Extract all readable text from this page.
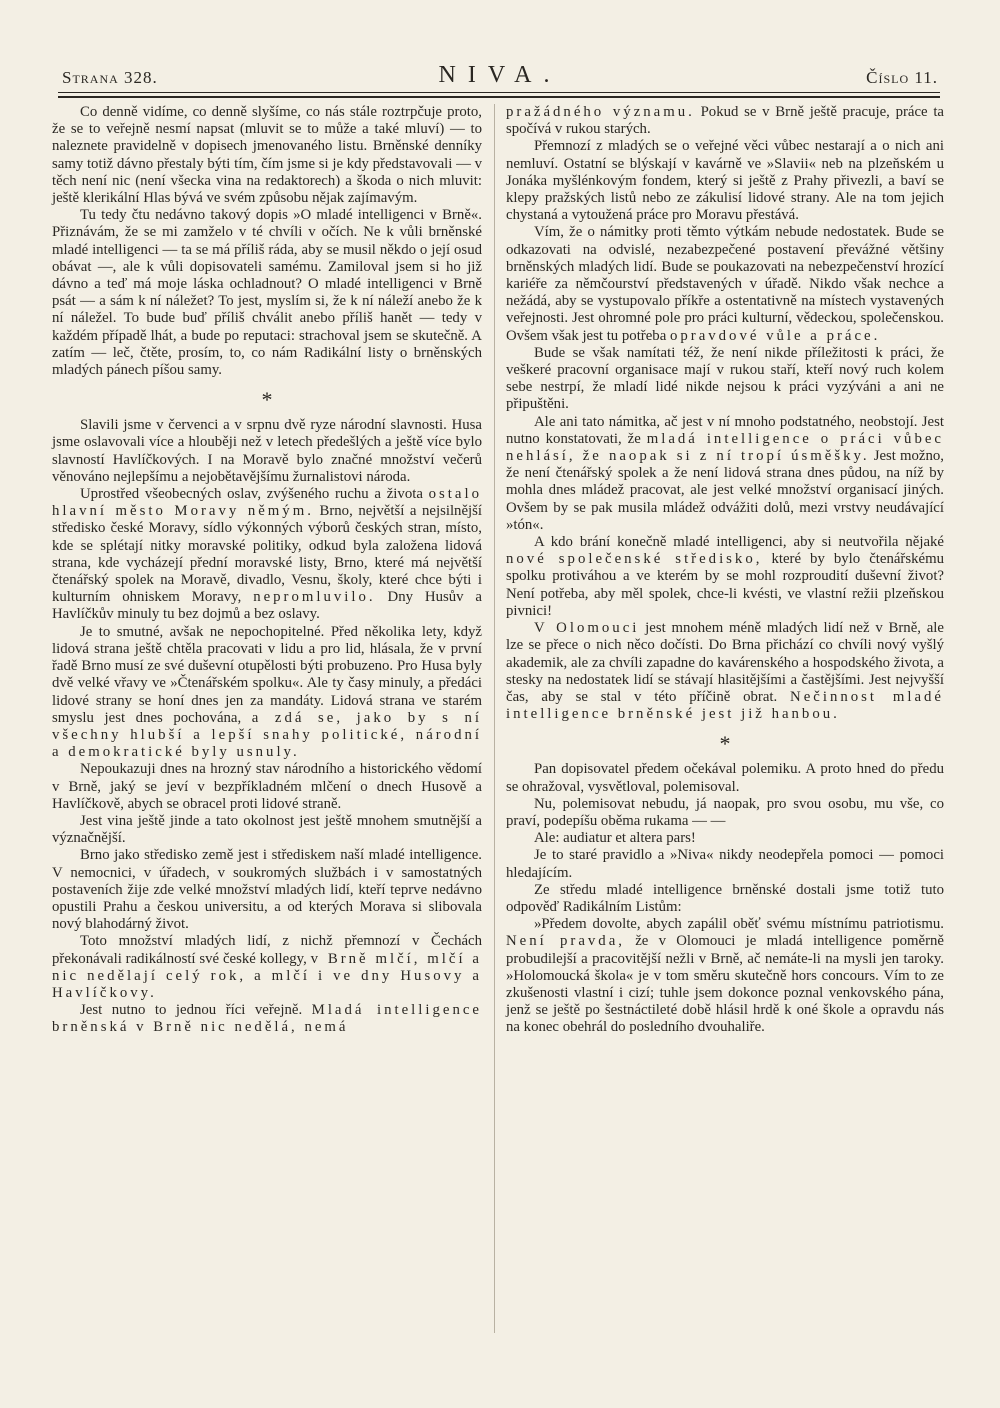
Strana 328.	NIVA.	Číslo 11.

Co denně vidíme, co denně slyšíme, co nás stále roztrpčuje proto, že se to veřejně nesmí napsat (mluvit se to může a také mluví) — to naleznete pravidelně v dopisech jmenovaného listu. Brněnské denníky samy totiž dávno přestaly býti tím, čím jsme si je kdy představovali — v těch není nic (není všecka vina na redaktorech) a škoda o nich mluvit: ještě klerikální Hlas bývá ve svém způsobu nějak zajímavým.

Tu tedy čtu nedávno takový dopis »O mladé intelligenci v Brně«. Přiznávám, že se mi zamželo v té chvíli v očích. Ne k vůli brněnské mladé intelligenci — ta se má příliš ráda, aby se musil někdo o její osud obávat —, ale k vůli dopisovateli samému. Zamiloval jsem si ho již dávno a teď má moje láska ochladnout? O mladé intelligenci v Brně psát — a sám k ní náležet? To jest, myslím si, že k ní náleží anebo že k ní náležel. To bude buď příliš chválit anebo příliš hanět — tedy v každém případě lhát, a bude po reputaci: strachoval jsem se skutečně. A zatím — leč, čtěte, prosím, to, co nám Radikální listy o brněnských mladých pánech píšou samy.

*

Slavili jsme v červenci a v srpnu dvě ryze národní slavnosti. Husa jsme oslavovali více a hlouběji než v letech předešlých a ještě více bylo slavností Havlíčkových. I na Moravě bylo značné množství večerů věnováno nejlepšímu a nejobětavějšímu žurnalistovi národa.

Uprostřed všeobecných oslav, zvýšeného ruchu a života ostalo hlavní město Moravy němým. Brno, největší a nejsilnější středisko české Moravy, sídlo výkonných výborů českých stran, místo, kde se splétají nitky moravské politiky, odkud byla založena lidová strana, kde vycházejí přední moravské listy, Brno, které má největší čtenářský spolek na Moravě, divadlo, Vesnu, školy, které chce býti i kulturním ohniskem Moravy, nepromluvilo. Dny Husův a Havlíčkův minuly tu bez dojmů a bez oslavy.

Je to smutné, avšak ne nepochopitelné. Před několika lety, když lidová strana ještě chtěla pracovati v lidu a pro lid, hlásala, že v první řadě Brno musí ze své duševní otupělosti býti probuzeno. Pro Husa byly dvě velké vřavy ve »Čtenářském spolku«. Ale ty časy minuly, a předáci lidové strany se honí dnes jen za mandáty. Lidová strana ve starém smyslu jest dnes pochována, a zdá se, jako by s ní všechny hlubší a lepší snahy politické, národní a demokratické byly usnuly.

Nepoukazuji dnes na hrozný stav národního a historického vědomí v Brně, jaký se jeví v bezpříkladném mlčení o dnech Husově a Havlíčkově, abych se obracel proti lidové straně.

Jest vina ještě jinde a tato okolnost jest ještě mnohem smutnější a význačnější.

Brno jako středisko země jest i střediskem naší mladé intelligence. V nemocnici, v úřadech, v soukromých službách i v samostatných postaveních žije zde velké množství mladých lidí, kteří teprve nedávno opustili Prahu a českou universitu, a od kterých Morava si slibovala nový blahodárný život.

Toto množství mladých lidí, z nichž přemnozí v Čechách překonávali radikálností své české kollegy, v Brně mlčí, mlčí a nic nedělají celý rok, a mlčí i ve dny Husovy a Havlíčkovy.

Jest nutno to jednou říci veřejně. Mladá intelligence brněnská v Brně nic nedělá, nemá

pražádného významu. Pokud se v Brně ještě pracuje, práce ta spočívá v rukou starých.

Přemnozí z mladých se o veřejné věci vůbec nestarají a o nich ani nemluví. Ostatní se blýskají v kavárně ve »Slavii« neb na plzeňském u Jonáka myšlénkovým fondem, který si ještě z Prahy přivezli, a baví se klepy pražských listů nebo ze zákulisí lidové strany. Ale na tom jejich chystaná a vytoužená práce pro Moravu přestává.

Vím, že o námitky proti těmto výtkám nebude nedostatek. Bude se odkazovati na odvislé, nezabezpečené postavení převážné většiny brněnských mladých lidí. Bude se poukazovati na nebezpečenství hrozící kariéře za němčourství představených v úřadě. Nikdo však nechce a nežádá, aby se vystupovalo příkře a ostentativně na místech vystavených veřejnosti. Jest ohromné pole pro práci kulturní, vědeckou, společenskou. Ovšem však jest tu potřeba opravdové vůle a práce.

Bude se však namítati též, že není nikde příležitosti k práci, že veškeré pracovní organisace mají v rukou staří, kteří nový ruch kolem sebe nestrpí, že mladí lidé nikde nejsou k práci vyzýváni a ani ne připuštěni.

Ale ani tato námitka, ač jest v ní mnoho podstatného, neobstojí. Jest nutno konstatovati, že mladá intelligence o práci vůbec nehlásí, že naopak si z ní tropí úsměšky. Jest možno, že není čtenářský spolek a že není lidová strana dnes půdou, na níž by mohla dnes mládež pracovat, ale jest velké množství organisací jiných. Ovšem by se pak musila mládež odvážiti dolů, mezi vrstvy neudávající »tón«.

A kdo brání konečně mladé intelligenci, aby si neutvořila nějaké nové společenské středisko, které by bylo čtenářskému spolku protiváhou a ve kterém by se mohl rozproudití duševní život? Není potřeba, aby měl spolek, chce-li kvésti, ve vlastní režii plzeňskou pivnici!

V Olomouci jest mnohem méně mladých lidí než v Brně, ale lze se přece o nich něco dočísti. Do Brna přichází co chvíli nový vyšlý akademik, ale za chvíli zapadne do kavárenského a hospodského života, a stesky na nedostatek lidí se stávají hlasitějšími a častějšími. Jest nejvyšší čas, aby se stal v této příčině obrat. Nečinnost mladé intelligence brněnské jest již hanbou.

*

Pan dopisovatel předem očekával polemiku. A proto hned do předu se ohražoval, vysvětloval, polemisoval.

Nu, polemisovat nebudu, já naopak, pro svou osobu, mu vše, co praví, podepíšu oběma rukama — —

Ale: audiatur et altera pars!

Je to staré pravidlo a »Niva« nikdy neodepřela pomoci — pomoci hledajícím.

Ze středu mladé intelligence brněnské dostali jsme totiž tuto odpověď Radikálním Listům:

»Předem dovolte, abych zapálil oběť svému místnímu patriotismu. Není pravda, že v Olomouci je mladá intelligence poměrně probudilejší a pracovitější nežli v Brně, ač nemáte-li na mysli jen taroky. »Holomoucká škola« je v tom směru skutečně hors concours. Vím to ze zkušenosti vlastní i cizí; tuhle jsem dokonce poznal venkovského pána, jenž se ještě po šestnáctileté době hlásil hrdě k oné škole a opravdu nás na konec obehrál do posledního dvouhaliře.
